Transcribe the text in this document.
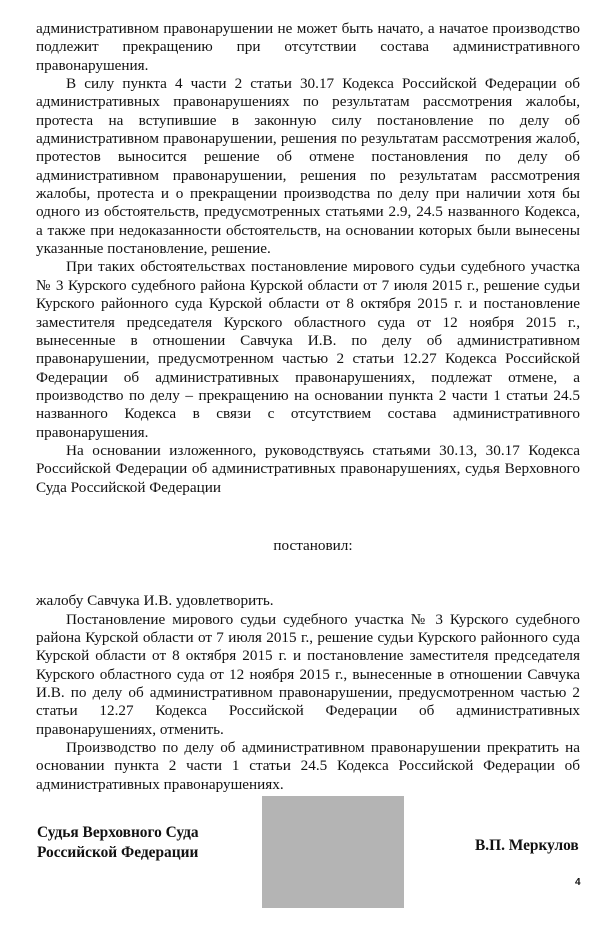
административном правонарушении не может быть начато, а начатое производство подлежит прекращению при отсутствии состава административного правонарушения.

В силу пункта 4 части 2 статьи 30.17 Кодекса Российской Федерации об административных правонарушениях по результатам рассмотрения жалобы, протеста на вступившие в законную силу постановление по делу об административном правонарушении, решения по результатам рассмотрения жалоб, протестов выносится решение об отмене постановления по делу об административном правонарушении, решения по результатам рассмотрения жалобы, протеста и о прекращении производства по делу при наличии хотя бы одного из обстоятельств, предусмотренных статьями 2.9, 24.5 названного Кодекса, а также при недоказанности обстоятельств, на основании которых были вынесены указанные постановление, решение.

При таких обстоятельствах постановление мирового судьи судебного участка № 3 Курского судебного района Курской области от 7 июля 2015 г., решение судьи Курского районного суда Курской области от 8 октября 2015 г. и постановление заместителя председателя Курского областного суда от 12 ноября 2015 г., вынесенные в отношении Савчука И.В. по делу об административном правонарушении, предусмотренном частью 2 статьи 12.27 Кодекса Российской Федерации об административных правонарушениях, подлежат отмене, а производство по делу – прекращению на основании пункта 2 части 1 статьи 24.5 названного Кодекса в связи с отсутствием состава административного правонарушения.

На основании изложенного, руководствуясь статьями 30.13, 30.17 Кодекса Российской Федерации об административных правонарушениях, судья Верховного Суда Российской Федерации

постановил:

жалобу Савчука И.В. удовлетворить.

Постановление мирового судьи судебного участка № 3 Курского судебного района Курской области от 7 июля 2015 г., решение судьи Курского районного суда Курской области от 8 октября 2015 г. и постановление заместителя председателя Курского областного суда от 12 ноября 2015 г., вынесенные в отношении Савчука И.В. по делу об административном правонарушении, предусмотренном частью 2 статьи 12.27 Кодекса Российской Федерации об административных правонарушениях, отменить.

Производство по делу об административном правонарушении прекратить на основании пункта 2 части 1 статьи 24.5 Кодекса Российской Федерации об административных правонарушениях.

Судья Верховного Суда
Российской Федерации	В.П. Меркулов
4
